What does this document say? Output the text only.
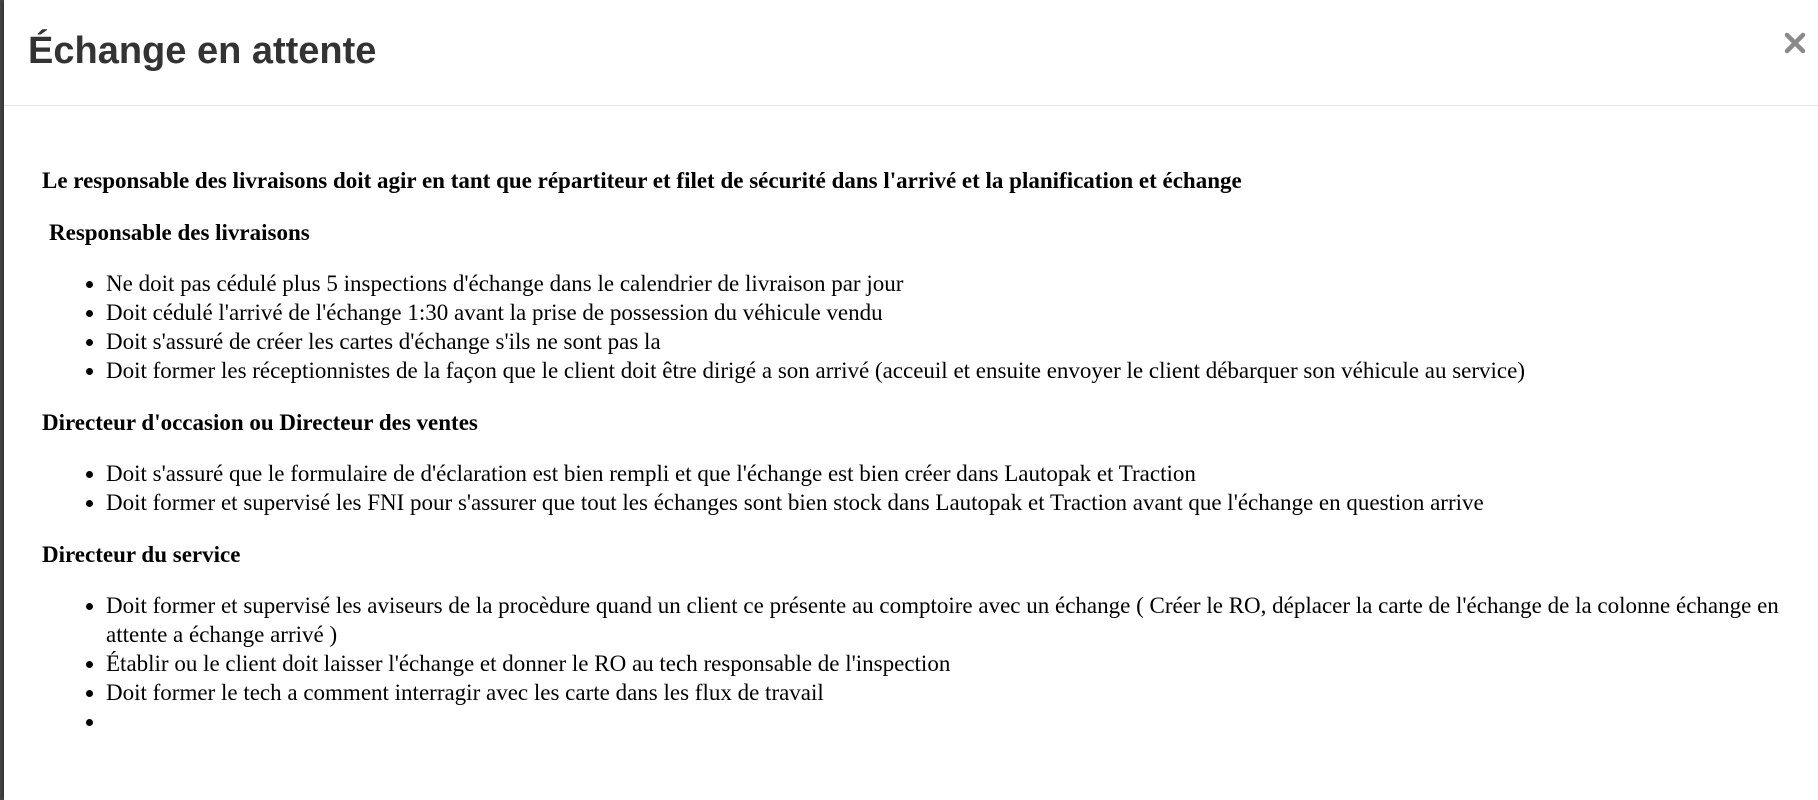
Échange en attente

Le responsable des livraisons doit agir en tant que répartiteur et filet de sécurité dans l'arrivé et la planification et échange

Responsable des livraisons

• Ne doit pas cédulé plus 5 inspections d'échange dans le calendrier de livraison par jour
• Doit cédulé l'arrivé de l'échange 1:30 avant la prise de possession du véhicule vendu
• Doit s'assuré de créer les cartes d'échange s'ils ne sont pas la
• Doit former les réceptionnistes de la façon que le client doit être dirigé a son arrivé (acceuil et ensuite envoyer le client débarquer son véhicule au service)

Directeur d'occasion ou Directeur des ventes

• Doit s'assuré que le formulaire de d'éclaration est bien rempli et que l'échange est bien créer dans Lautopak et Traction
• Doit former et supervisé les FNI pour s'assurer que tout les échanges sont bien stock dans Lautopak et Traction avant que l'échange en question arrive

Directeur du service

• Doit former et supervisé les aviseurs de la procèdure quand un client ce présente au comptoire avec un échange ( Créer le RO, déplacer la carte de l'échange de la colonne échange en attente a échange arrivé )
• Établir ou le client doit laisser l'échange et donner le RO au tech responsable de l'inspection
• Doit former le tech a comment interragir avec les carte dans les flux de travail
•
